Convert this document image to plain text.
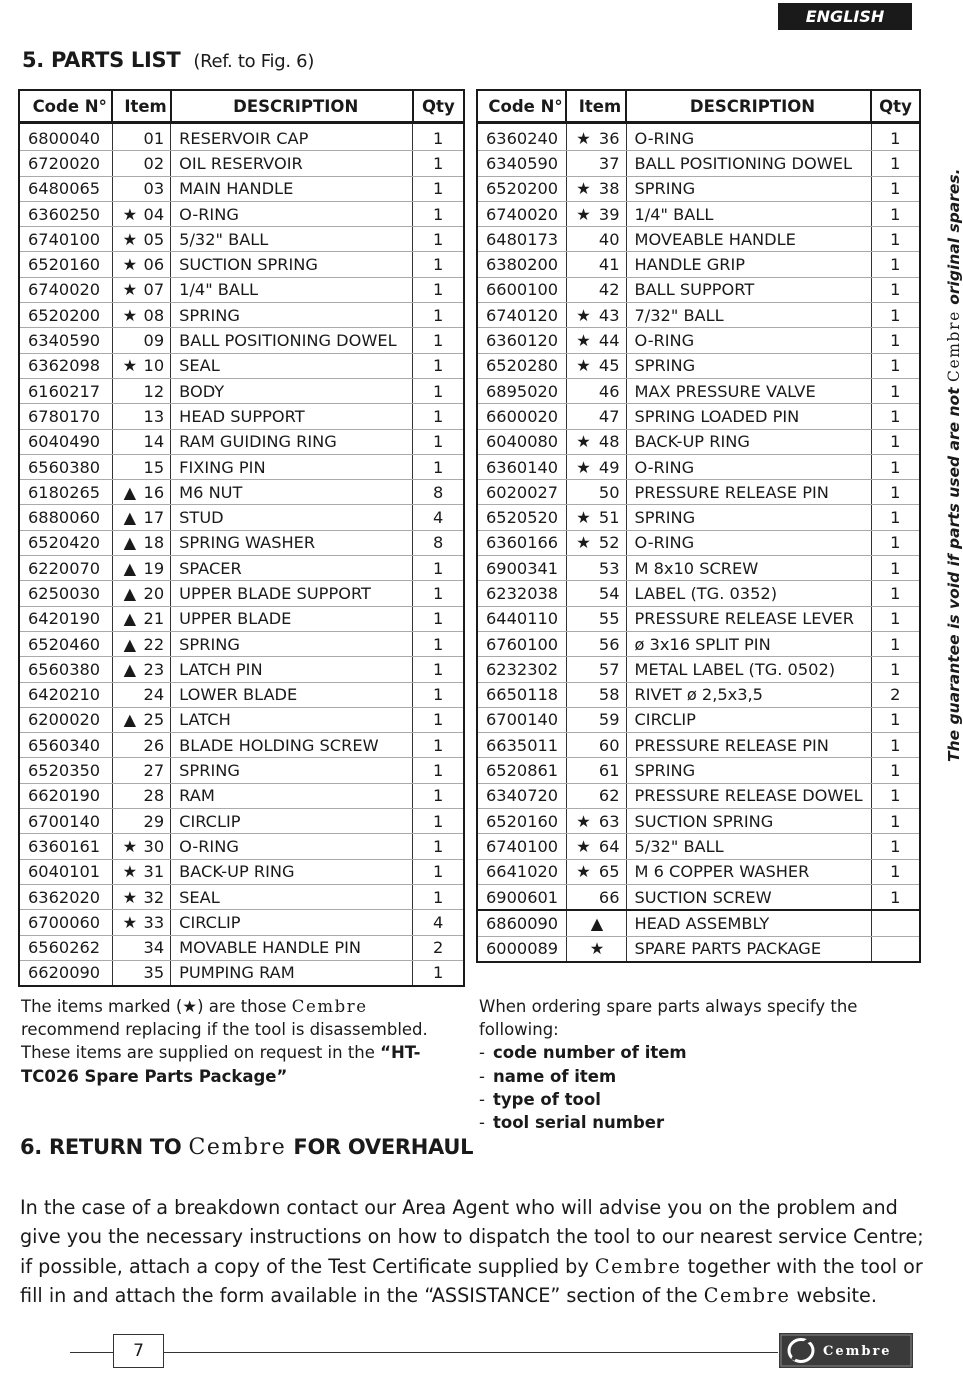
ENGLISH
5. PARTS LIST (Ref. to Fig. 6)
Code N°	Item	DESCRIPTION	Qty
6800040	01	RESERVOIR CAP	1
6720020	02	OIL RESERVOIR	1
6480065	03	MAIN HANDLE	1
6360250	★ 04	O-RING	1
6740100	★ 05	5/32" BALL	1
6520160	★ 06	SUCTION SPRING	1
6740020	★ 07	1/4" BALL	1
6520200	★ 08	SPRING	1
6340590	09	BALL POSITIONING DOWEL	1
6362098	★ 10	SEAL	1
6160217	12	BODY	1
6780170	13	HEAD SUPPORT	1
6040490	14	RAM GUIDING RING	1
6560380	15	FIXING PIN	1
6180265	▲ 16	M6 NUT	8
6880060	▲ 17	STUD	4
6520420	▲ 18	SPRING WASHER	8
6220070	▲ 19	SPACER	1
6250030	▲ 20	UPPER BLADE SUPPORT	1
6420190	▲ 21	UPPER BLADE	1
6520460	▲ 22	SPRING	1
6560380	▲ 23	LATCH PIN	1
6420210	24	LOWER BLADE	1
6200020	▲ 25	LATCH	1
6560340	26	BLADE HOLDING SCREW	1
6520350	27	SPRING	1
6620190	28	RAM	1
6700140	29	CIRCLIP	1
6360161	★ 30	O-RING	1
6040101	★ 31	BACK-UP RING	1
6362020	★ 32	SEAL	1
6700060	★ 33	CIRCLIP	4
6560262	34	MOVABLE HANDLE PIN	2
6620090	35	PUMPING RAM	1
Code N°	Item	DESCRIPTION	Qty
6360240	★ 36	O-RING	1
6340590	37	BALL POSITIONING DOWEL	1
6520200	★ 38	SPRING	1
6740020	★ 39	1/4" BALL	1
6480173	40	MOVEABLE HANDLE	1
6380200	41	HANDLE GRIP	1
6600100	42	BALL SUPPORT	1
6740120	★ 43	7/32" BALL	1
6360120	★ 44	O-RING	1
6520280	★ 45	SPRING	1
6895020	46	MAX PRESSURE VALVE	1
6600020	47	SPRING LOADED PIN	1
6040080	★ 48	BACK-UP RING	1
6360140	★ 49	O-RING	1
6020027	50	PRESSURE RELEASE PIN	1
6520520	★ 51	SPRING	1
6360166	★ 52	O-RING	1
6900341	53	M 8x10 SCREW	1
6232038	54	LABEL (TG. 0352)	1
6440110	55	PRESSURE RELEASE LEVER	1
6760100	56	ø 3x16 SPLIT PIN	1
6232302	57	METAL LABEL (TG. 0502)	1
6650118	58	RIVET ø 2,5x3,5	2
6700140	59	CIRCLIP	1
6635011	60	PRESSURE RELEASE PIN	1
6520861	61	SPRING	1
6340720	62	PRESSURE RELEASE DOWEL	1
6520160	★ 63	SUCTION SPRING	1
6740100	★ 64	5/32" BALL	1
6641020	★ 65	M 6 COPPER WASHER	1
6900601	66	SUCTION SCREW	1
6860090	▲	HEAD ASSEMBLY	
6000089	★	SPARE PARTS PACKAGE	
The guarantee is void if parts used are not Cembre original spares.
The items marked (★) are those Cembre recommend replacing if the tool is disassembled.
These items are supplied on request in the “HT-TC026 Spare Parts Package”
When ordering spare parts always specify the following:
- code number of item
- name of item
- type of tool
- tool serial number
6. RETURN TO Cembre FOR OVERHAUL
In the case of a breakdown contact our Area Agent who will advise you on the problem and give you the necessary instructions on how to dispatch the tool to our nearest service Centre; if possible, attach a copy of the Test Certificate supplied by Cembre together with the tool or fill in and attach the form available in the “ASSISTANCE” section of the Cembre website.
7	Cembre
